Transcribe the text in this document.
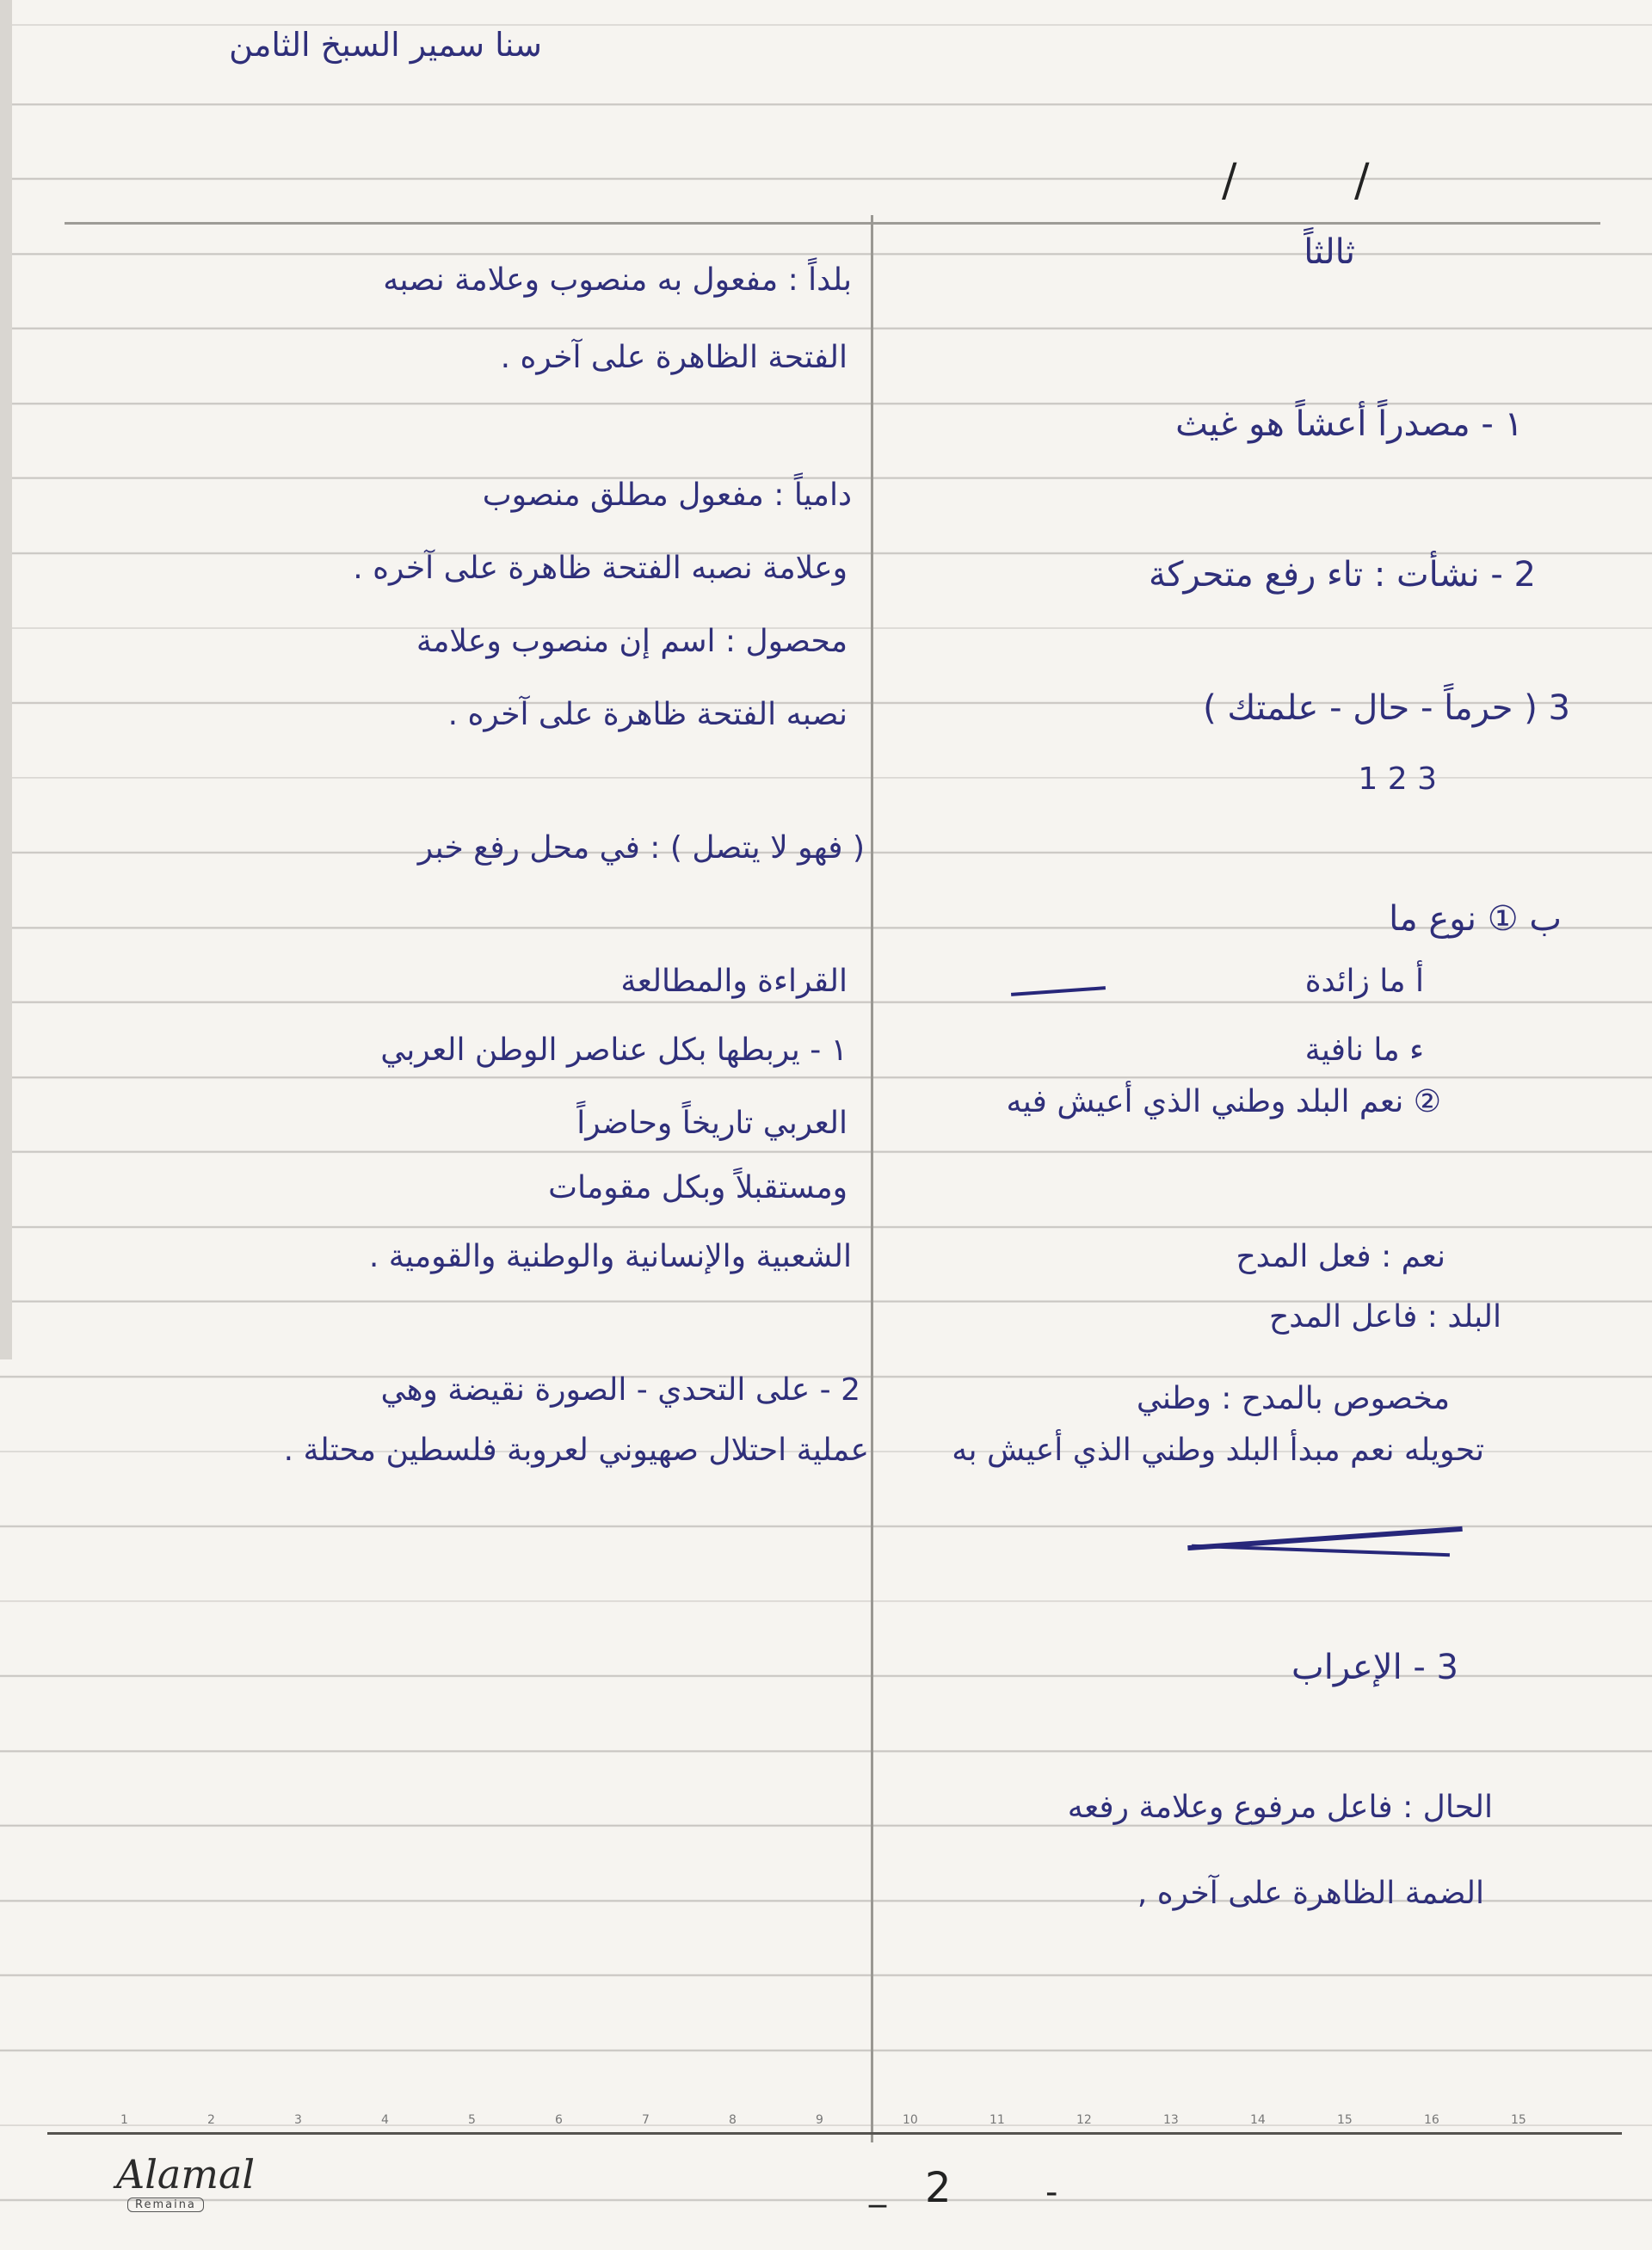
سنا سمير السبخ الثامن
/ /
ثالثاً
١ - مصدراً أعشاً هو غيث
2 - نشأت : تاء رفع متحركة
3 ( حرماً - حال - علمتك )
3 2 1
ب ① نوع ما
أ ما زائدة
ء ما نافية
② نعم البلد وطني الذي أعيش فيه
نعم : فعل المدح
البلد : فاعل المدح
مخصوص بالمدح : وطني
تحويله نعم مبدأ البلد وطني الذي أعيش به
3 - الإعراب
الحال : فاعل مرفوع وعلامة رفعه
الضمة الظاهرة على آخره ,
بلداً : مفعول به منصوب وعلامة نصبه
الفتحة الظاهرة على آخره .
دامياً : مفعول مطلق منصوب
وعلامة نصبه الفتحة ظاهرة على آخره .
محصول : اسم إن منصوب وعلامة
نصبه الفتحة ظاهرة على آخره .
( فهو لا يتصل ) : في محل رفع خبر
القراءة والمطالعة
١ - يربطها بكل عناصر الوطن العربي
العربي تاريخاً وحاضراً
ومستقبلاً وبكل مقومات
الشعبية والإنسانية والوطنية والقومية .
2 - على التحدي - الصورة نقيضة وهي
عملية احتلال صهيوني لعروبة فلسطين محتلة .
1	2	3	4	5	6	7	8	9	10	11	12	13	14	15	16	15
Alamal
Remaina	_ 2	-
